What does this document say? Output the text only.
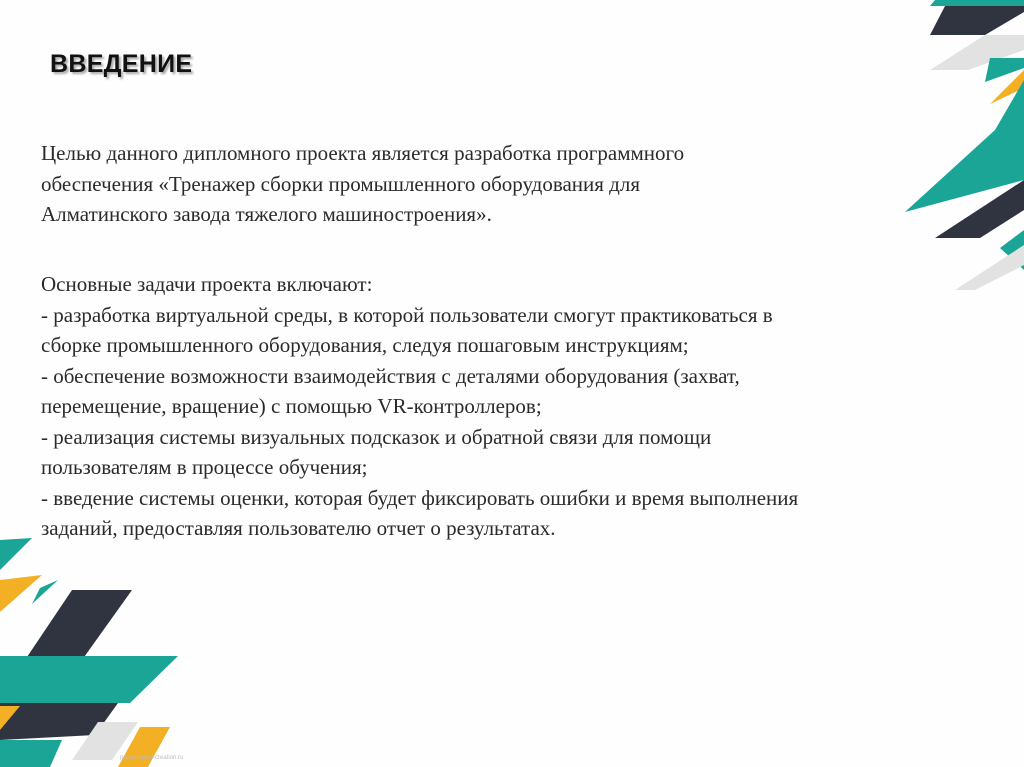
ВВЕДЕНИЕ
Целью данного дипломного проекта является разработка программного
обеспечения «Тренажер сборки промышленного оборудования для
Алматинского завода тяжелого машиностроения».
Основные задачи проекта включают:
- разработка виртуальной среды, в которой пользователи смогут практиковаться в
сборке промышленного оборудования, следуя пошаговым инструкциям;
- обеспечение возможности взаимодействия с деталями оборудования (захват,
перемещение, вращение) с помощью VR-контроллеров;
- реализация системы визуальных подсказок и обратной связи для помощи
пользователям в процессе обучения;
- введение системы оценки, которая будет фиксировать ошибки и время выполнения
заданий, предоставляя пользователю отчет о результатах.
presentation-creation.ru
